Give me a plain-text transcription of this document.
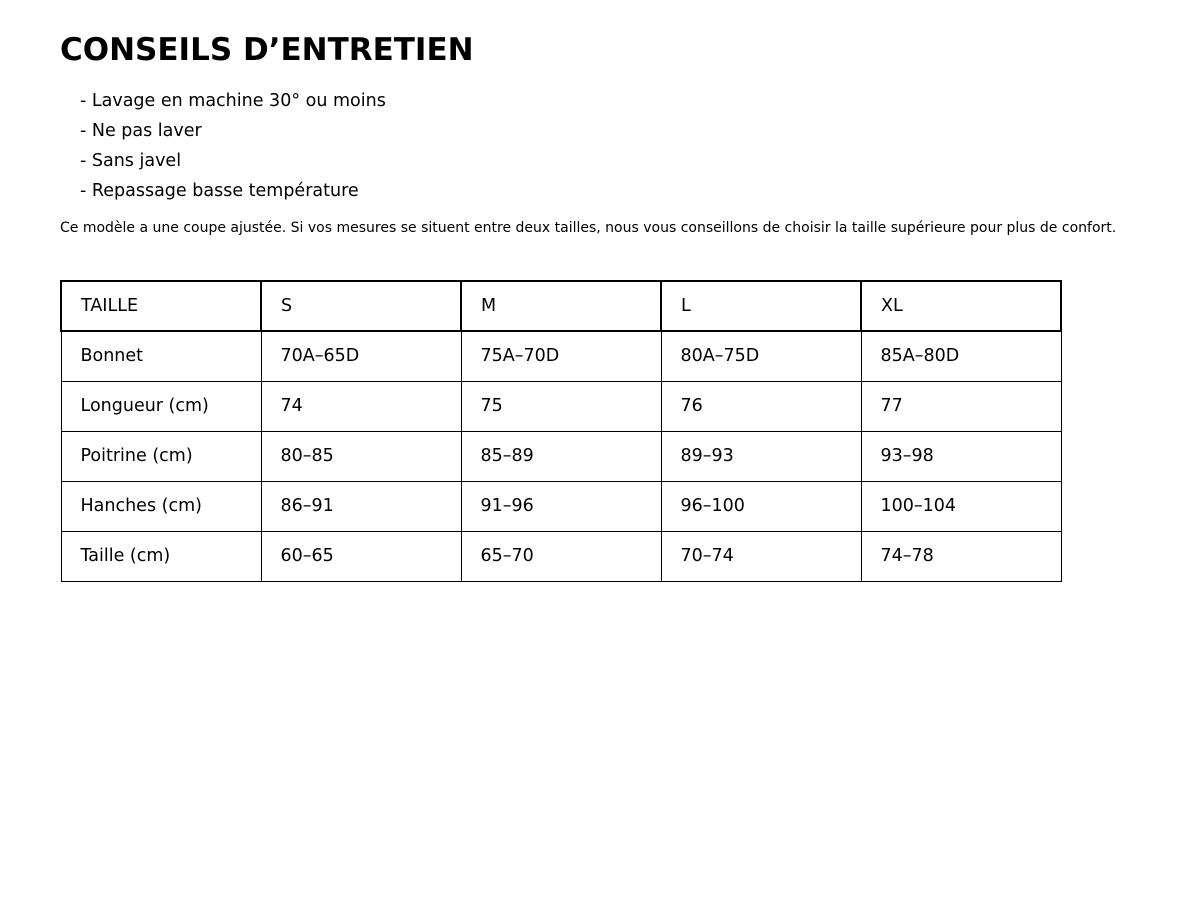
CONSEILS D’ENTRETIEN
- Lavage en machine 30° ou moins
- Ne pas laver
- Sans javel
- Repassage basse température

Ce modèle a une coupe ajustée. Si vos mesures se situent entre deux tailles, nous vous conseillons de choisir la taille supérieure pour plus de confort.

TAILLE	S	M	L	XL
Bonnet	70A–65D	75A–70D	80A–75D	85A–80D
Longueur (cm)	74	75	76	77
Poitrine (cm)	80–85	85–89	89–93	93–98
Hanches (cm)	86–91	91–96	96–100	100–104
Taille (cm)	60–65	65–70	70–74	74–78
